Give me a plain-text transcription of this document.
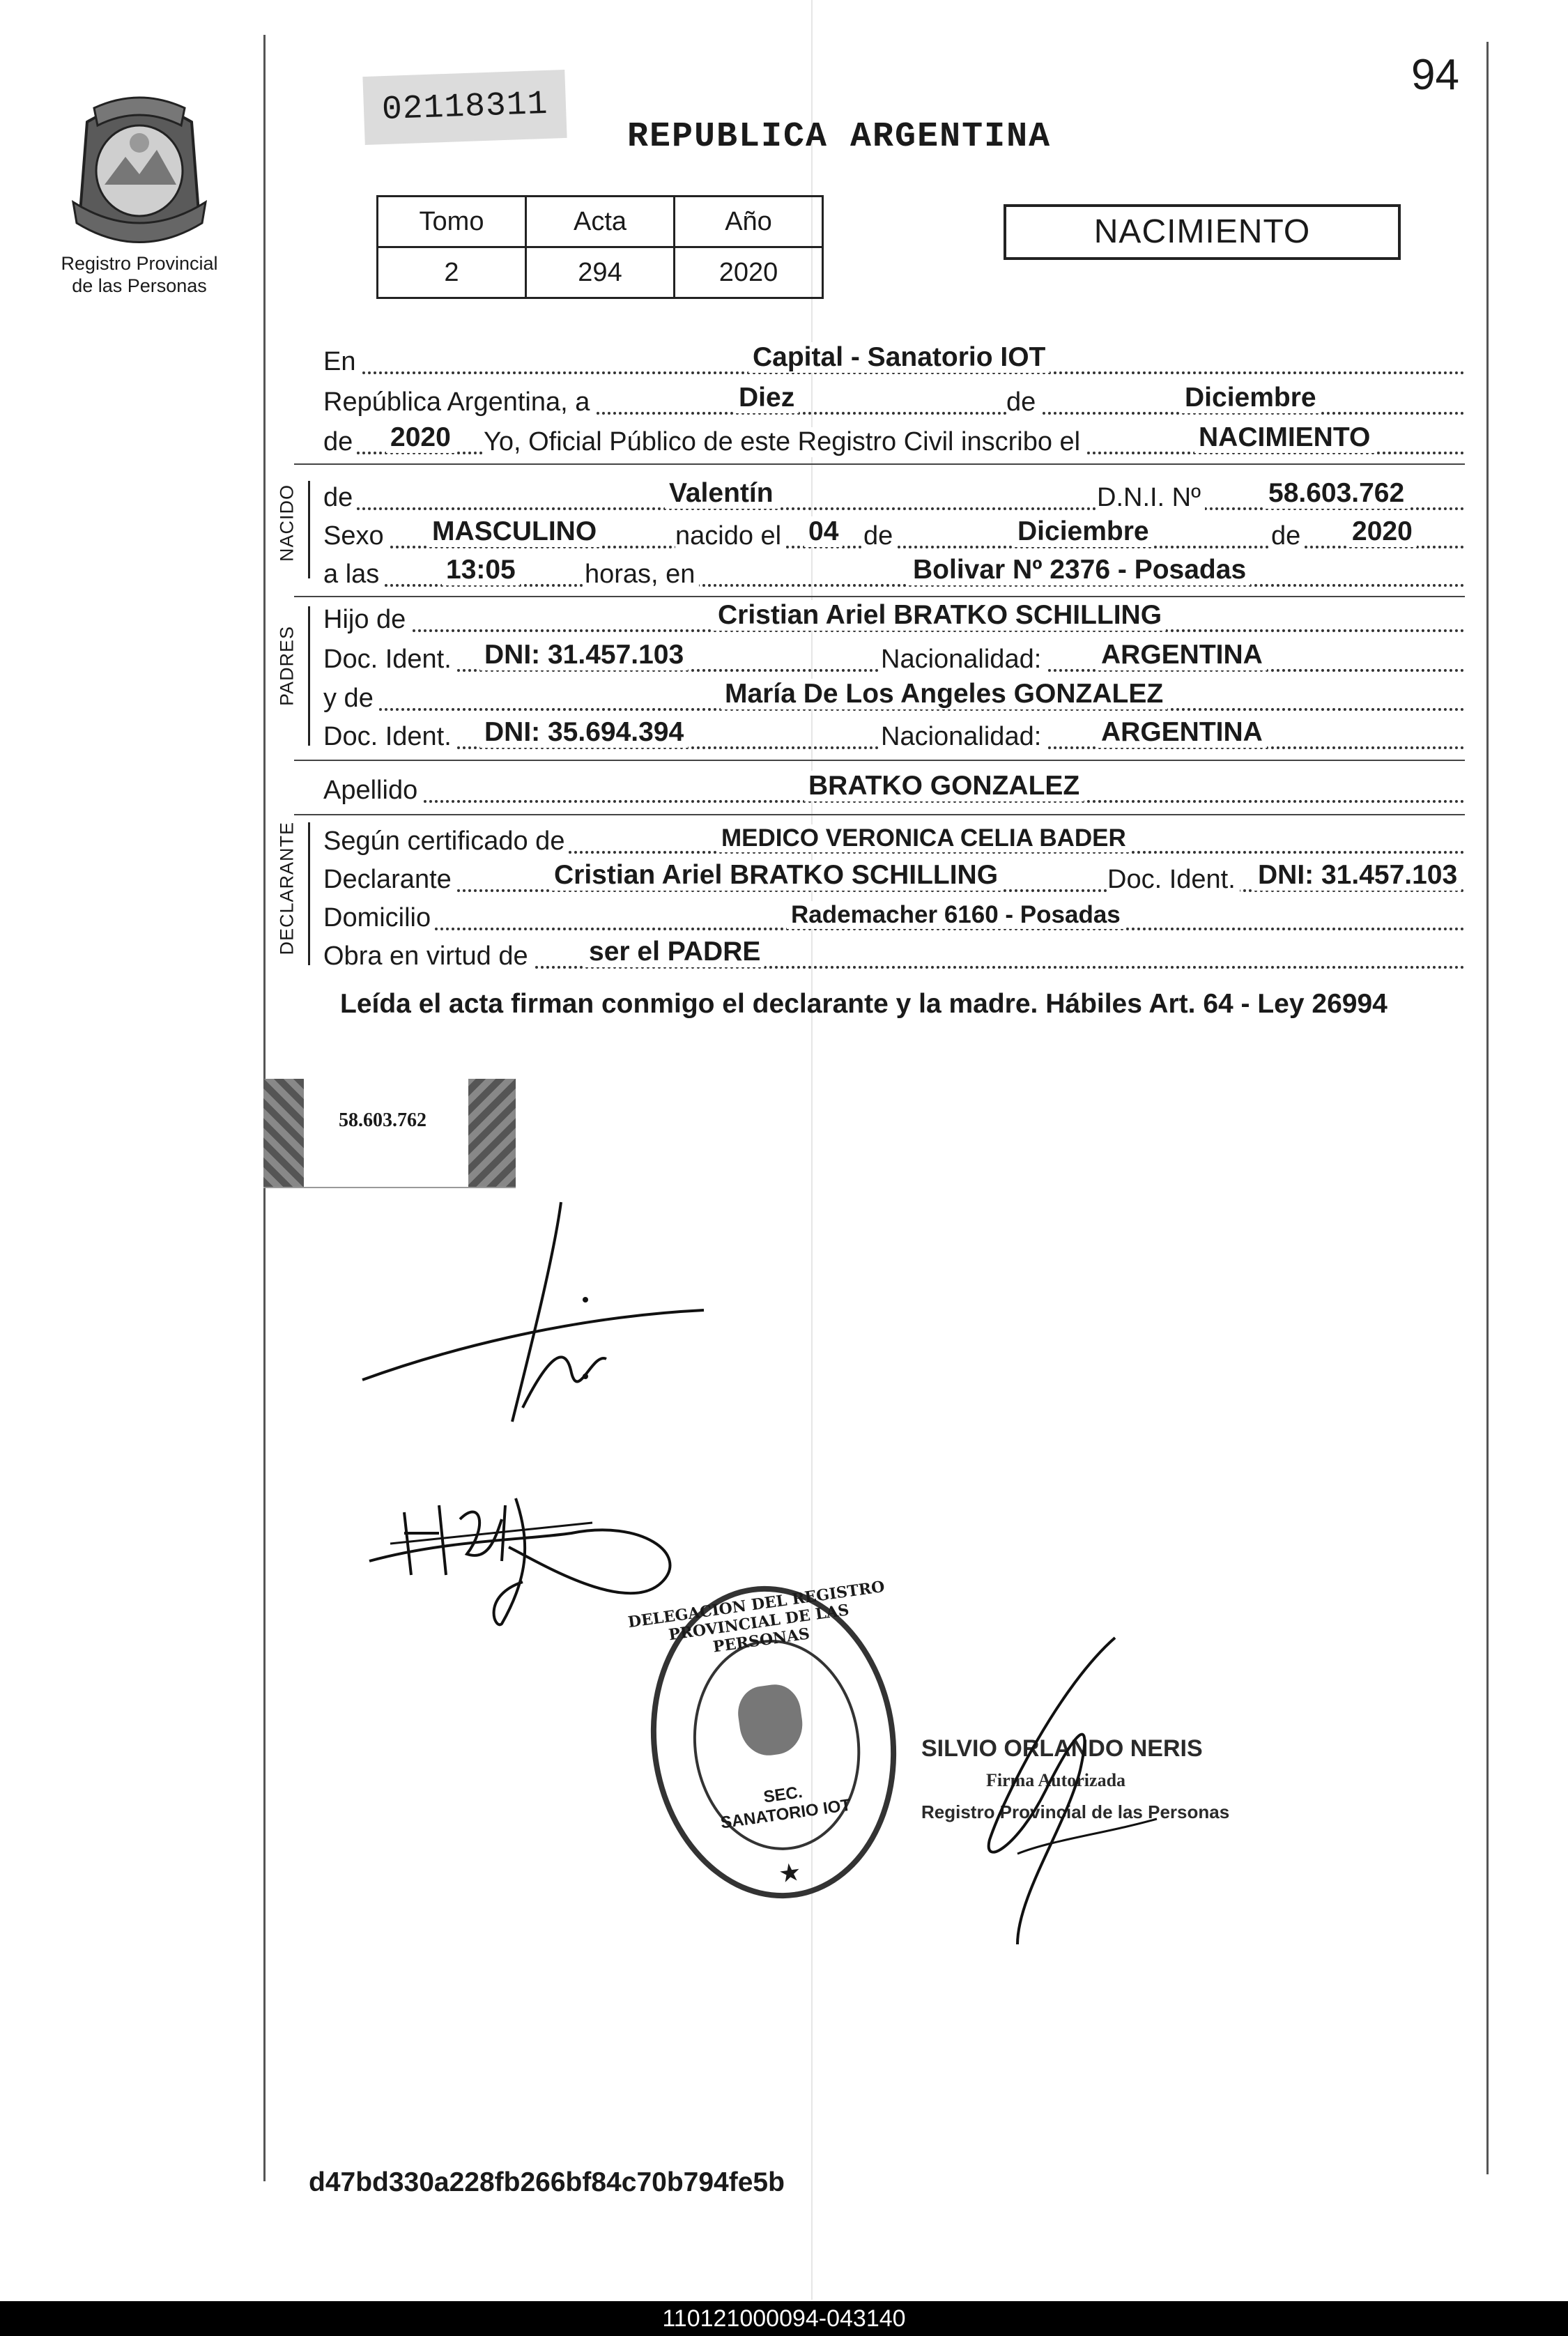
94
Registro Provincial
de las Personas
02118311
REPUBLICA ARGENTINA
Tomo	Acta	Año
2	294	2020
NACIMIENTO
En	Capital - Sanatorio IOT
República Argentina, a	Diez	de	Diciembre
de 2020 Yo, Oficial Público de este Registro Civil inscribo el	NACIMIENTO
NACIDO de	Valentín	D.N.I. Nº 58.603.762
Sexo MASCULINO	nacido el 04 de	Diciembre	de 2020
a las 13:05	horas, en	Bolivar Nº 2376 - Posadas
PADRES
Hijo de	Cristian Ariel BRATKO SCHILLING
Doc. Ident. DNI: 31.457.103	Nacionalidad: ARGENTINA
y de	María De Los Angeles GONZALEZ
Doc. Ident. DNI: 35.694.394	Nacionalidad: ARGENTINA
Apellido	BRATKO GONZALEZ
DECLARANTE Según certificado de	MEDICO VERONICA CELIA BADER
Declarante	Cristian Ariel BRATKO SCHILLING	Doc. Ident. DNI: 31.457.103
Domicilio	Rademacher 6160 - Posadas
Obra en virtud de ser el PADRE
Leída el acta firman conmigo el declarante y la madre. Hábiles Art. 64 - Ley 26994
58.603.762
DELEGACION DEL REGISTRO PROVINCIAL DE LAS PERSONAS
SEC. SANATORIO IOT
★
SILVIO ORLANDO NERIS
Firma Autorizada
Registro Provincial de las Personas
d47bd330a228fb266bf84c70b794fe5b
110121000094-043140
